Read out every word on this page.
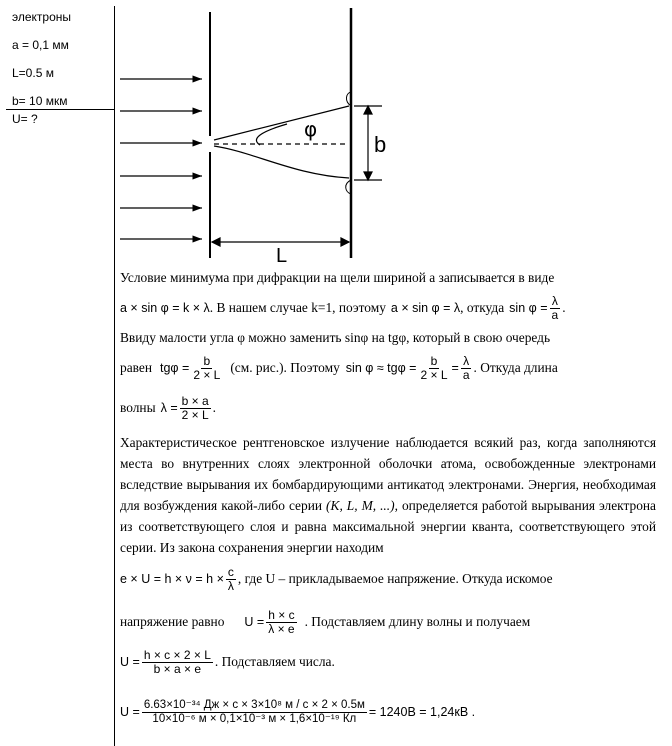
электроны
a = 0,1 мм
L=0.5 м
b= 10 мкм
U= ?
b
φ
L
Условие минимума при дифракции на щели шириной а записывается в виде
a × sin φ = k × λ . В нашем случае k=1, поэтому a × sin φ = λ , откуда $\sin \varphi = \frac{\lambda}{a}$ .
Ввиду малости угла φ можно заменить sinφ на tgφ, который в свою очередь
равен $tg\varphi = \frac{b}{2 \times L} (см$. рис.). Поэтому $\sin \varphi \approx tg\varphi = \frac{b}{2 \times L} = \frac{\lambda}{a}$ . Откуда длина
волны $\lambda = \frac{b \times a}{2 \times L}$ .
Характеристическое рентгеновское излучение наблюдается всякий раз, когда заполняются места во внутренних слоях электронной оболочки атома, освобожденные электронами вследствие вырывания их бомбардирующими антикатод электронами. Энергия, необходимая для возбуждения какой-либо серии (K, L, M, ...), определяется работой вырывания электрона из соответствующего слоя и равна максимальной энергии кванта, соответствующего этой серии. Из закона сохранения энергии находим
$e \times U = h \times \nu = h \times \frac{c}{\lambda}$ , где U – прикладываемое напряжение. Откуда искомое
напряжение равно $U = \frac{h \times c}{\lambda \times e}$ . Подставляем длину волны и получаем
$U = \frac{h \times c \times 2 \times L}{b \times a \times e}$ . Подставляем числа.
$U = \frac{\text{6.63×10⁻³⁴ Дж × с × 3×10⁸ м / с × 2 × 0.5м}}{\text{10×10⁻⁶ м × 0,1×10⁻³ м × 1,6×10⁻¹⁹ Кл}} = 1240В = 1,24кВ$ .
